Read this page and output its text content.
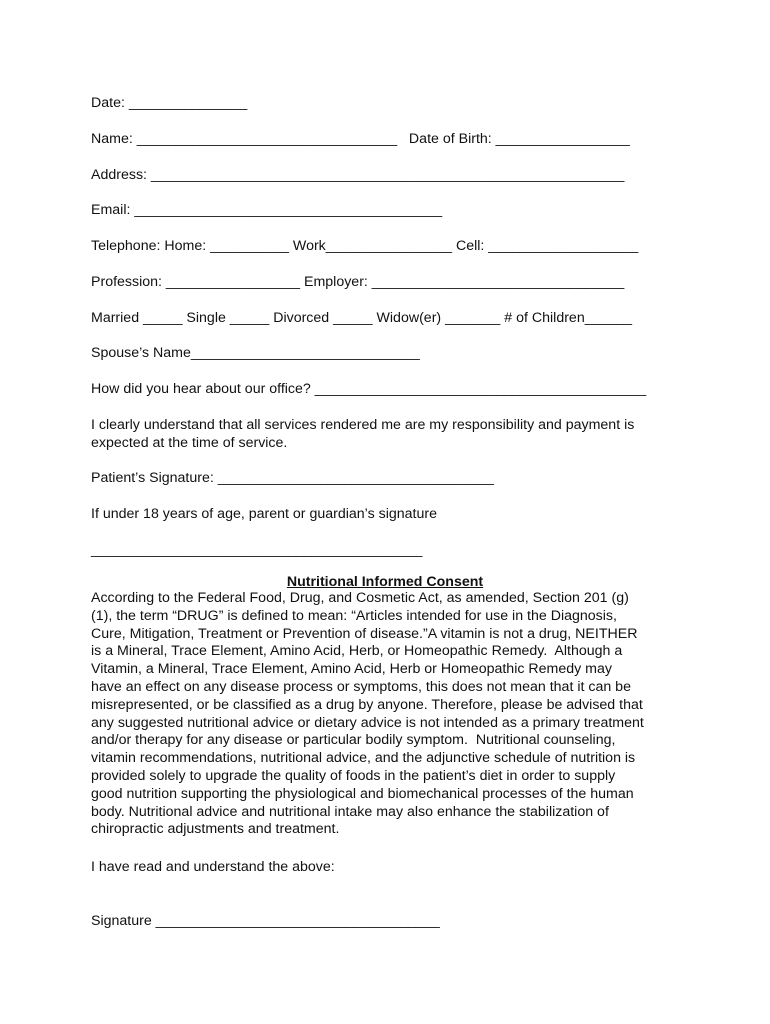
Date: _______________
Name: _________________________________   Date of Birth: _________________
Address: ____________________________________________________________
Email: _______________________________________
Telephone: Home: __________ Work________________ Cell: ___________________
Profession: _________________ Employer: ________________________________
Married _____ Single _____ Divorced _____ Widow(er) _______ # of Children______
Spouse’s Name_____________________________
How did you hear about our office? __________________________________________
I clearly understand that all services rendered me are my responsibility and payment is expected at the time of service.
Patient’s Signature: ___________________________________
If under 18 years of age, parent or guardian’s signature
__________________________________________
Nutritional Informed Consent
According to the Federal Food, Drug, and Cosmetic Act, as amended, Section 201 (g)
(1), the term “DRUG” is defined to mean: “Articles intended for use in the Diagnosis,
Cure, Mitigation, Treatment or Prevention of disease.”A vitamin is not a drug, NEITHER
is a Mineral, Trace Element, Amino Acid, Herb, or Homeopathic Remedy.  Although a
Vitamin, a Mineral, Trace Element, Amino Acid, Herb or Homeopathic Remedy may
have an effect on any disease process or symptoms, this does not mean that it can be
misrepresented, or be classified as a drug by anyone. Therefore, please be advised that
any suggested nutritional advice or dietary advice is not intended as a primary treatment
and/or therapy for any disease or particular bodily symptom.  Nutritional counseling,
vitamin recommendations, nutritional advice, and the adjunctive schedule of nutrition is
provided solely to upgrade the quality of foods in the patient’s diet in order to supply
good nutrition supporting the physiological and biomechanical processes of the human
body. Nutritional advice and nutritional intake may also enhance the stabilization of
chiropractic adjustments and treatment.
I have read and understand the above:
Signature ____________________________________
